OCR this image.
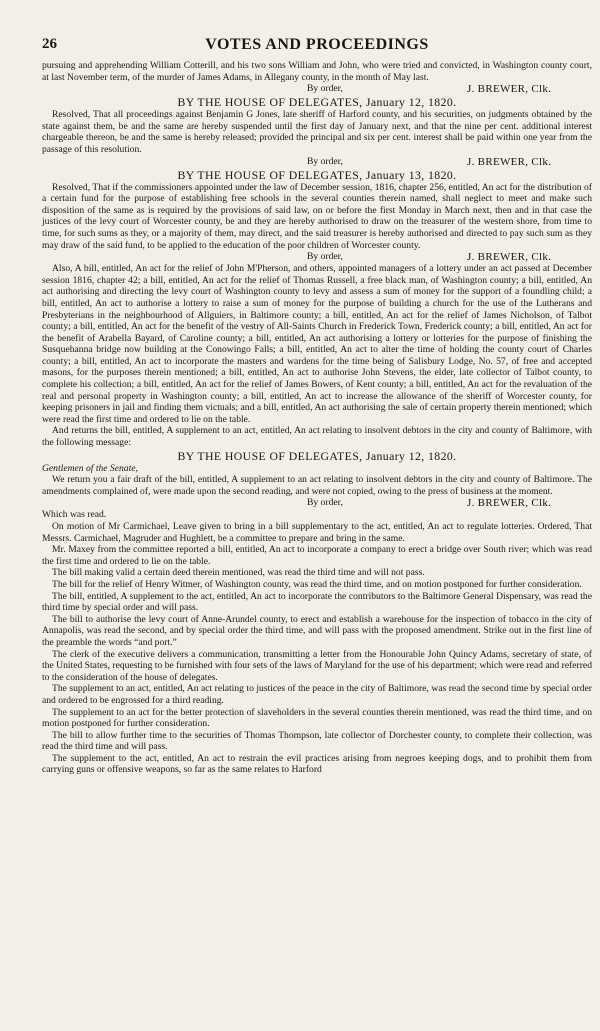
26	VOTES AND PROCEEDINGS

pursuing and apprehending William Cotterill, and his two sons William and John, who were tried and convicted, in Washington county court, at last November term, of the murder of James Adams, in Allegany county, in the month of May last.

By order,	J. BREWER, Clk.

BY THE HOUSE OF DELEGATES, January 12, 1820.

Resolved, That all proceedings against Benjamin G Jones, late sheriff of Harford county, and his securities, on judgments obtained by the state against them, be and the same are hereby suspended until the first day of January next, and that the nine per cent. additional interest chargeable thereon, be and the same is hereby released; provided the principal and six per cent. interest shall be paid within one year from the passage of this resolution.

By order,	J. BREWER, Clk.

BY THE HOUSE OF DELEGATES, January 13, 1820.

Resolved, That if the commissioners appointed under the law of December session, 1816, chapter 256, entitled, An act for the distribution of a certain fund for the purpose of establishing free schools in the several counties therein named, shall neglect to meet and make such disposition of the same as is required by the provisions of said law, on or before the first Monday in March next, then and in that case the justices of the levy court of Worcester county, be and they are hereby authorised to draw on the treasurer of the western shore, from time to time, for such sums as they, or a majority of them, may direct, and the said treasurer is hereby authorised and directed to pay such sum as they may draw of the said fund, to be applied to the education of the poor children of Worcester county.

By order,	J. BREWER, Clk.

Also, A bill, entitled, An act for the relief of John M'Pherson, and others, appointed managers of a lottery under an act passed at December session 1816, chapter 42; a bill, entitled, An act for the relief of Thomas Russell, a free black man, of Washington county; a bill, entitled, An act authorising and directing the levy court of Washington county to levy and assess a sum of money for the support of a foundling child; a bill, entitled, An act to authorise a lottery to raise a sum of money for the purpose of building a church for the use of the Lutherans and Presbyterians in the neighbourhood of Allguiers, in Baltimore county; a bill, entitled, An act for the relief of James Nicholson, of Talbot county; a bill, entitled, An act for the benefit of the vestry of All-Saints Church in Frederick Town, Frederick county; a bill, entitled, An act for the benefit of Arabella Bayard, of Caroline county; a bill, entitled, An act authorising a lottery or lotteries for the purpose of finishing the Susquehanna bridge now building at the Conowingo Falls; a bill, entitled, An act to alter the time of holding the county court of Charles county; a bill, entitled, An act to incorporate the masters and wardens for the time being of Salisbury Lodge, No. 57, of free and accepted masons, for the purposes therein mentioned; a bill, entitled, An act to authorise John Stevens, the elder, late collector of Talbot county, to complete his collection; a bill, entitled, An act for the relief of James Bowers, of Kent county; a bill, entitled, An act for the revaluation of the real and personal property in Washington county; a bill, entitled, An act to increase the allowance of the sheriff of Worcester county, for keeping prisoners in jail and finding them victuals; and a bill, entitled, An act authorising the sale of certain property therein mentioned; which were read the first time and ordered to lie on the table.

And returns the bill, entitled, A supplement to an act, entitled, An act relating to insolvent debtors in the city and county of Baltimore, with the following message:

BY THE HOUSE OF DELEGATES, January 12, 1820.

Gentlemen of the Senate,

We return you a fair draft of the bill, entitled, A supplement to an act relating to insolvent debtors in the city and county of Baltimore. The amendments complained of, were made upon the second reading, and were not copied, owing to the press of business at the moment.

By order,	J. BREWER, Clk.

Which was read.

On motion of Mr Carmichael, Leave given to bring in a bill supplementary to the act, entitled, An act to regulate lotteries. Ordered, That Messrs. Carmichael, Magruder and Hughlett, be a committee to prepare and bring in the same.

Mr. Maxey from the committee reported a bill, entitled, An act to incorporate a company to erect a bridge over South river; which was read the first time and ordered to lie on the table.

The bill making valid a certain deed therein mentioned, was read the third time and will not pass.

The bill for the relief of Henry Witmer, of Washington county, was read the third time, and on motion postponed for further consideration.

The bill, entitled, A supplement to the act, entitled, An act to incorporate the contributors to the Baltimore General Dispensary, was read the third time by special order and will pass.

The bill to authorise the levy court of Anne-Arundel county, to erect and establish a warehouse for the inspection of tobacco in the city of Annapolis, was read the second, and by special order the third time, and will pass with the proposed amendment. Strike out in the first line of the preamble the words “and port.”

The clerk of the executive delivers a communication, transmitting a letter from the Honourable John Quincy Adams, secretary of state, of the United States, requesting to be furnished with four sets of the laws of Maryland for the use of his department; which were read and referred to the consideration of the house of delegates.

The supplement to an act, entitled, An act relating to justices of the peace in the city of Baltimore, was read the second time by special order and ordered to be engrossed for a third reading.

The supplement to an act for the better protection of slaveholders in the several counties therein mentioned, was read the third time, and on motion postponed for further consideration.

The bill to allow further time to the securities of Thomas Thompson, late collector of Dorchester county, to complete their collection, was read the third time and will pass.

The supplement to the act, entitled, An act to restrain the evil practices arising from negroes keeping dogs, and to prohibit them from carrying guns or offensive weapons, so far as the same relates to Harford
